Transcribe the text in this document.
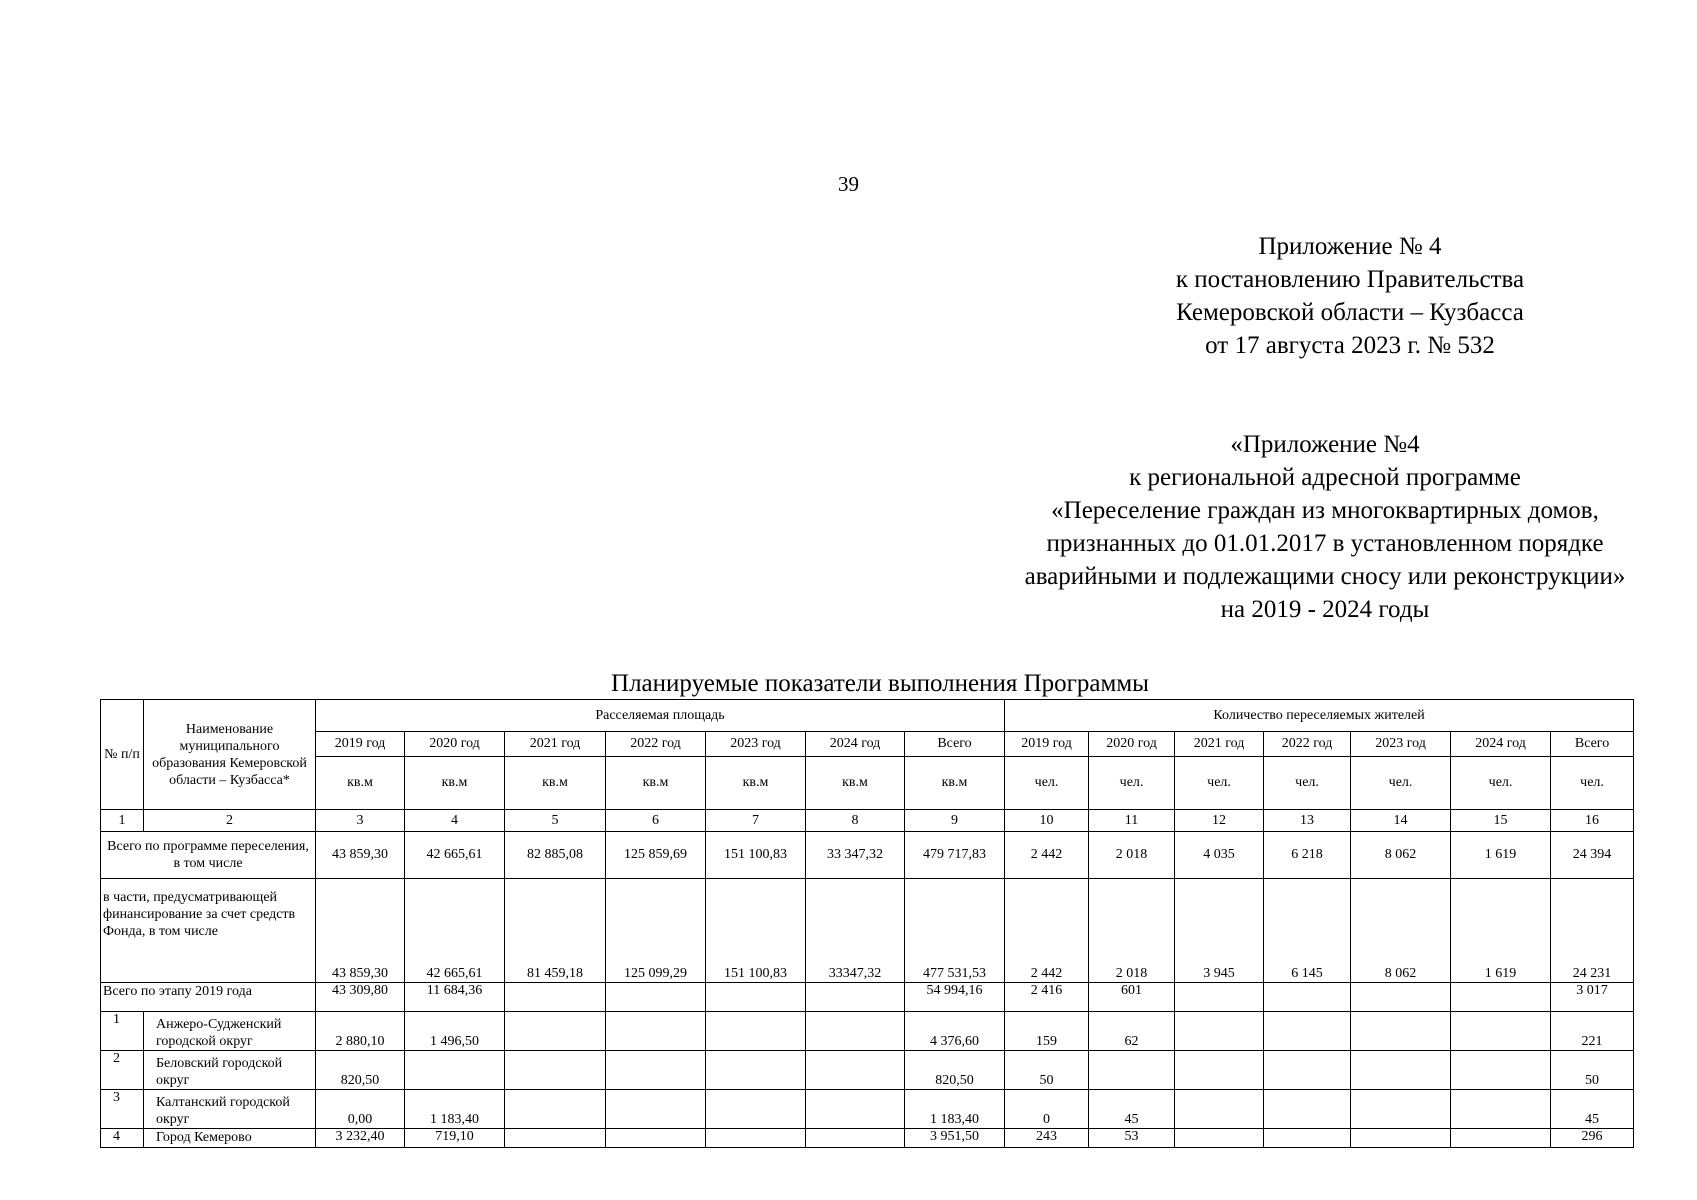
39
Приложение № 4
к постановлению Правительства
Кемеровской области – Кузбасса
от 17 августа 2023 г. № 532
«Приложение №4
к региональной адресной программе
«Переселение граждан из многоквартирных домов,
признанных до 01.01.2017 в установленном порядке
аварийными и подлежащими сносу или реконструкции»
на 2019 - 2024 годы
Планируемые показатели выполнения Программы
№ п/п	Наименование муниципального образования Кемеровской области – Кузбасса*	Расселяемая площадь							Количество переселяемых жителей						
		2019 год	2020 год	2021 год	2022 год	2023 год	2024 год	Всего	2019 год	2020 год	2021 год	2022 год	2023 год	2024 год	Всего
		кв.м	кв.м	кв.м	кв.м	кв.м	кв.м	кв.м	чел.	чел.	чел.	чел.	чел.	чел.	чел.
1	2	3	4	5	6	7	8	9	10	11	12	13	14	15	16
Всего по программе переселения, в том числе		43 859,30	42 665,61	82 885,08	125 859,69	151 100,83	33 347,32	479 717,83	2 442	2 018	4 035	6 218	8 062	1 619	24 394
в части, предусматривающей финансирование за счет средств Фонда, в том числе		43 859,30	42 665,61	81 459,18	125 099,29	151 100,83	33347,32	477 531,53	2 442	2 018	3 945	6 145	8 062	1 619	24 231
Всего по этапу 2019 года		43 309,80	11 684,36					54 994,16	2 416	601					3 017
1	Анжеро-Судженский городской округ	2 880,10	1 496,50					4 376,60	159	62					221
2	Беловский городской округ	820,50						820,50	50						50
3	Калтанский городской округ	0,00	1 183,40					1 183,40	0	45					45
4	Город Кемерово	3 232,40	719,10					3 951,50	243	53					296
